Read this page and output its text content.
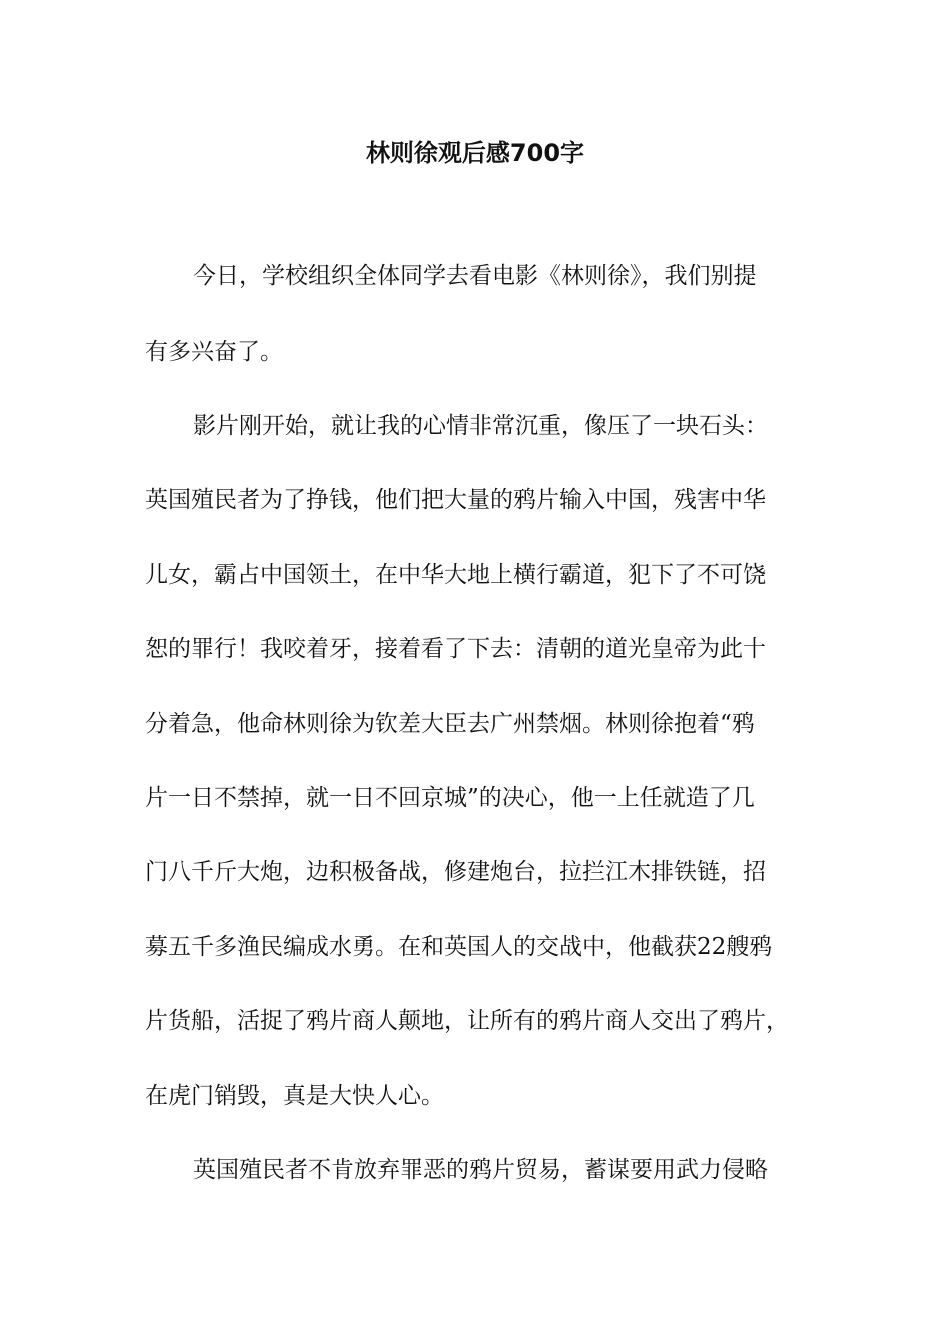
林则徐观后感700字

今日，学校组织全体同学去看电影《林则徐》，我们别提

有多兴奋了。

影片刚开始，就让我的心情非常沉重，像压了一块石头：

英国殖民者为了挣钱，他们把大量的鸦片输入中国，残害中华

儿女，霸占中国领土，在中华大地上横行霸道，犯下了不可饶

恕的罪行！我咬着牙，接着看了下去：清朝的道光皇帝为此十

分着急，他命林则徐为钦差大臣去广州禁烟。林则徐抱着“鸦

片一日不禁掉，就一日不回京城”的决心，他一上任就造了几

门八千斤大炮，边积极备战，修建炮台，拉拦江木排铁链，招

募五千多渔民编成水勇。在和英国人的交战中，他截获22艘鸦

片货船，活捉了鸦片商人颠地，让所有的鸦片商人交出了鸦片，

在虎门销毁，真是大快人心。

英国殖民者不肯放弃罪恶的鸦片贸易，蓄谋要用武力侵略
